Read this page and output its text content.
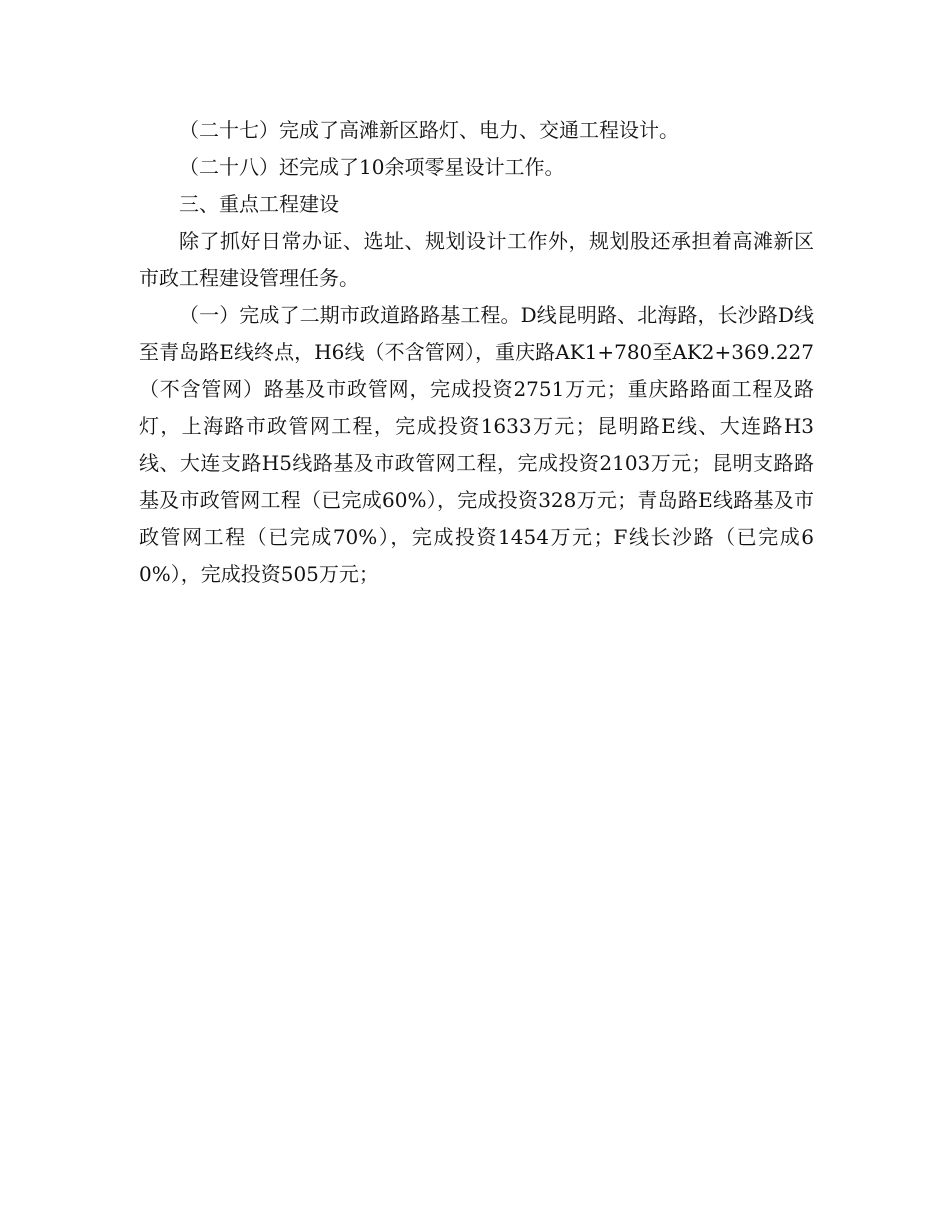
（二十七）完成了高滩新区路灯、电力、交通工程设计。

（二十八）还完成了10余项零星设计工作。

三、重点工程建设

除了抓好日常办证、选址、规划设计工作外，规划股还承担着高滩新区市政工程建设管理任务。

（一）完成了二期市政道路路基工程。D线昆明路、北海路，长沙路D线至青岛路E线终点，H6线（不含管网），重庆路AK1+780至AK2+369.227（不含管网）路基及市政管网，完成投资2751万元；重庆路路面工程及路灯，上海路市政管网工程，完成投资1633万元；昆明路E线、大连路H3线、大连支路H5线路基及市政管网工程，完成投资2103万元；昆明支路路基及市政管网工程（已完成60%），完成投资328万元；青岛路E线路基及市政管网工程（已完成70%），完成投资1454万元；F线长沙路（已完成60%），完成投资505万元；
